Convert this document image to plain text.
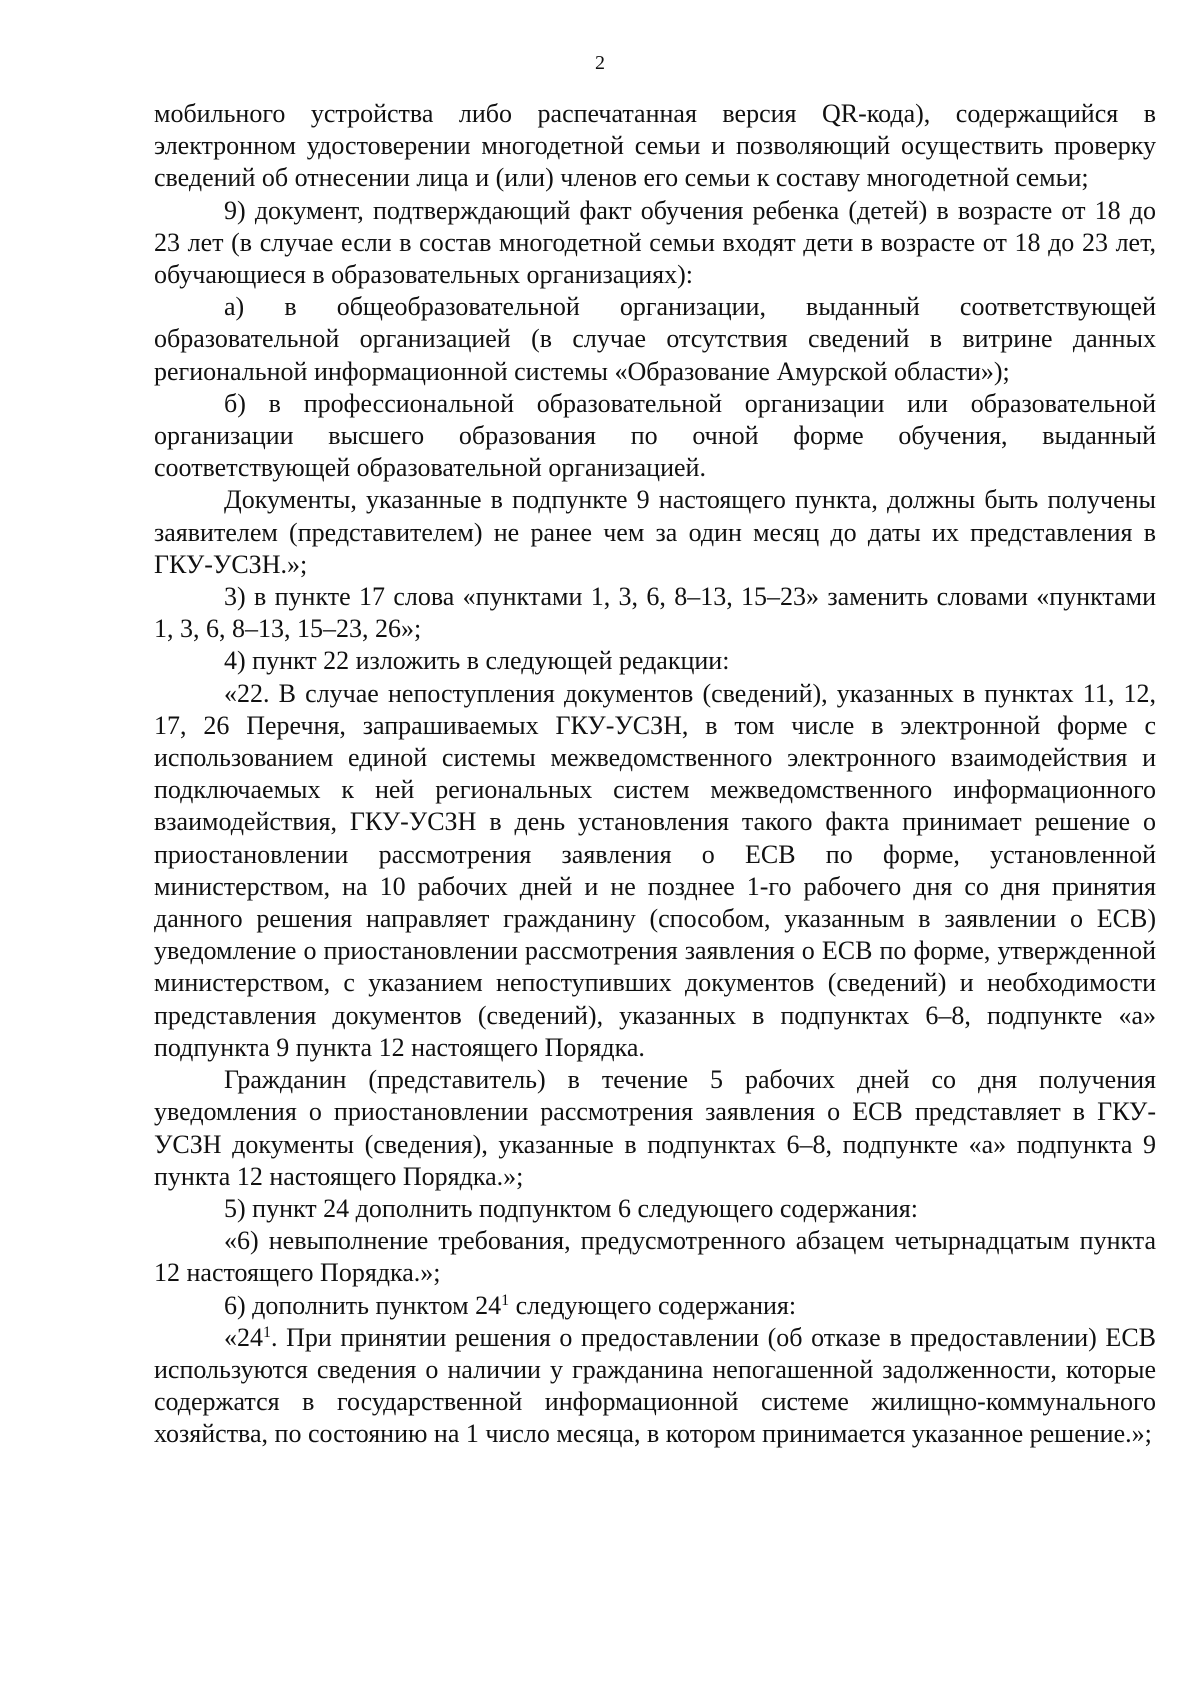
2

мобильного устройства либо распечатанная версия QR-кода), содержащийся в электронном удостоверении многодетной семьи и позволяющий осуществить проверку сведений об отнесении лица и (или) членов его семьи к составу многодетной семьи;

9) документ, подтверждающий факт обучения ребенка (детей) в возрасте от 18 до 23 лет (в случае если в состав многодетной семьи входят дети в возрасте от 18 до 23 лет, обучающиеся в образовательных организациях):

а) в общеобразовательной организации, выданный соответствующей образовательной организацией (в случае отсутствия сведений в витрине данных региональной информационной системы «Образование Амурской области»);

б) в профессиональной образовательной организации или образовательной организации высшего образования по очной форме обучения, выданный соответствующей образовательной организацией.

Документы, указанные в подпункте 9 настоящего пункта, должны быть получены заявителем (представителем) не ранее чем за один месяц до даты их представления в ГКУ-УСЗН.»;

3) в пункте 17 слова «пунктами 1, 3, 6, 8–13, 15–23» заменить словами «пунктами 1, 3, 6, 8–13, 15–23, 26»;

4) пункт 22 изложить в следующей редакции:

«22. В случае непоступления документов (сведений), указанных в пунктах 11, 12, 17, 26 Перечня, запрашиваемых ГКУ-УСЗН, в том числе в электронной форме с использованием единой системы межведомственного электронного взаимодействия и подключаемых к ней региональных систем межведомственного информационного взаимодействия, ГКУ-УСЗН в день установления такого факта принимает решение о приостановлении рассмотрения заявления о ЕСВ по форме, установленной министерством, на 10 рабочих дней и не позднее 1-го рабочего дня со дня принятия данного решения направляет гражданину (способом, указанным в заявлении о ЕСВ) уведомление о приостановлении рассмотрения заявления о ЕСВ по форме, утвержденной министерством, с указанием непоступивших документов (сведений) и необходимости представления документов (сведений), указанных в подпунктах 6–8, подпункте «а» подпункта 9 пункта 12 настоящего Порядка.

Гражданин (представитель) в течение 5 рабочих дней со дня получения уведомления о приостановлении рассмотрения заявления о ЕСВ представляет в ГКУ-УСЗН документы (сведения), указанные в подпунктах 6–8, подпункте «а» подпункта 9 пункта 12 настоящего Порядка.»;

5) пункт 24 дополнить подпунктом 6 следующего содержания:

«6) невыполнение требования, предусмотренного абзацем четырнадцатым пункта 12 настоящего Порядка.»;

6) дополнить пунктом $24^1$ следующего содержания:

«$24^1$. При принятии решения о предоставлении (об отказе в предоставлении) ЕСВ используются сведения о наличии у гражданина непогашенной задолженности, которые содержатся в государственной информационной системе жилищно-коммунального хозяйства, по состоянию на 1 число месяца, в котором принимается указанное решение.»;
